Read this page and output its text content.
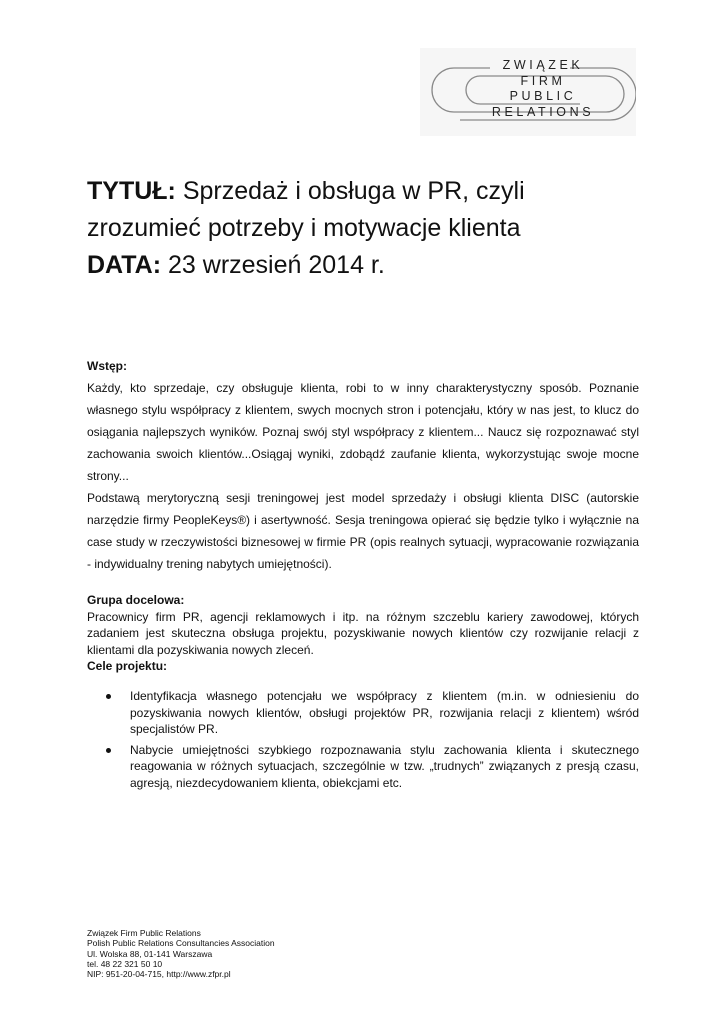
ZWIĄZEK
FIRM
PUBLIC
RELATIONS
TYTUŁ: Sprzedaż i obsługa w PR, czyli
zrozumieć potrzeby i motywacje klienta
DATA: 23 wrzesień 2014 r.
Wstęp:

Każdy, kto sprzedaje, czy obsługuje klienta, robi to w inny charakterystyczny sposób. Poznanie własnego stylu współpracy z klientem, swych mocnych stron i potencjału, który w nas jest, to klucz do osiągania najlepszych wyników. Poznaj swój styl współpracy z klientem... Naucz się rozpoznawać styl zachowania swoich klientów...Osiągaj wyniki, zdobądź zaufanie klienta, wykorzystując swoje mocne strony...

Podstawą merytoryczną sesji treningowej jest model sprzedaży i obsługi klienta DISC (autorskie narzędzie firmy PeopleKeys®) i asertywność. Sesja treningowa opierać się będzie tylko i wyłącznie na case study w rzeczywistości biznesowej w firmie PR (opis realnych sytuacji, wypracowanie rozwiązania - indywidualny trening nabytych umiejętności).

Grupa docelowa:

Pracownicy firm PR, agencji reklamowych i itp. na różnym szczeblu kariery zawodowej, których zadaniem jest skuteczna obsługa projektu, pozyskiwanie nowych klientów czy rozwijanie relacji z klientami dla pozyskiwania nowych zleceń.

Cele projektu:
Identyfikacja własnego potencjału we współpracy z klientem (m.in. w odniesieniu do pozyskiwania nowych klientów, obsługi projektów PR, rozwijania relacji z klientem) wśród specjalistów PR.
Nabycie umiejętności szybkiego rozpoznawania stylu zachowania klienta i skutecznego reagowania w różnych sytuacjach, szczególnie w tzw. „trudnych” związanych z presją czasu, agresją, niezdecydowaniem klienta, obiekcjami etc.
Związek Firm Public Relations
Polish Public Relations Consultancies Association
Ul. Wolska 88, 01-141 Warszawa
tel. 48 22 321 50 10
NIP: 951-20-04-715, http://www.zfpr.pl
